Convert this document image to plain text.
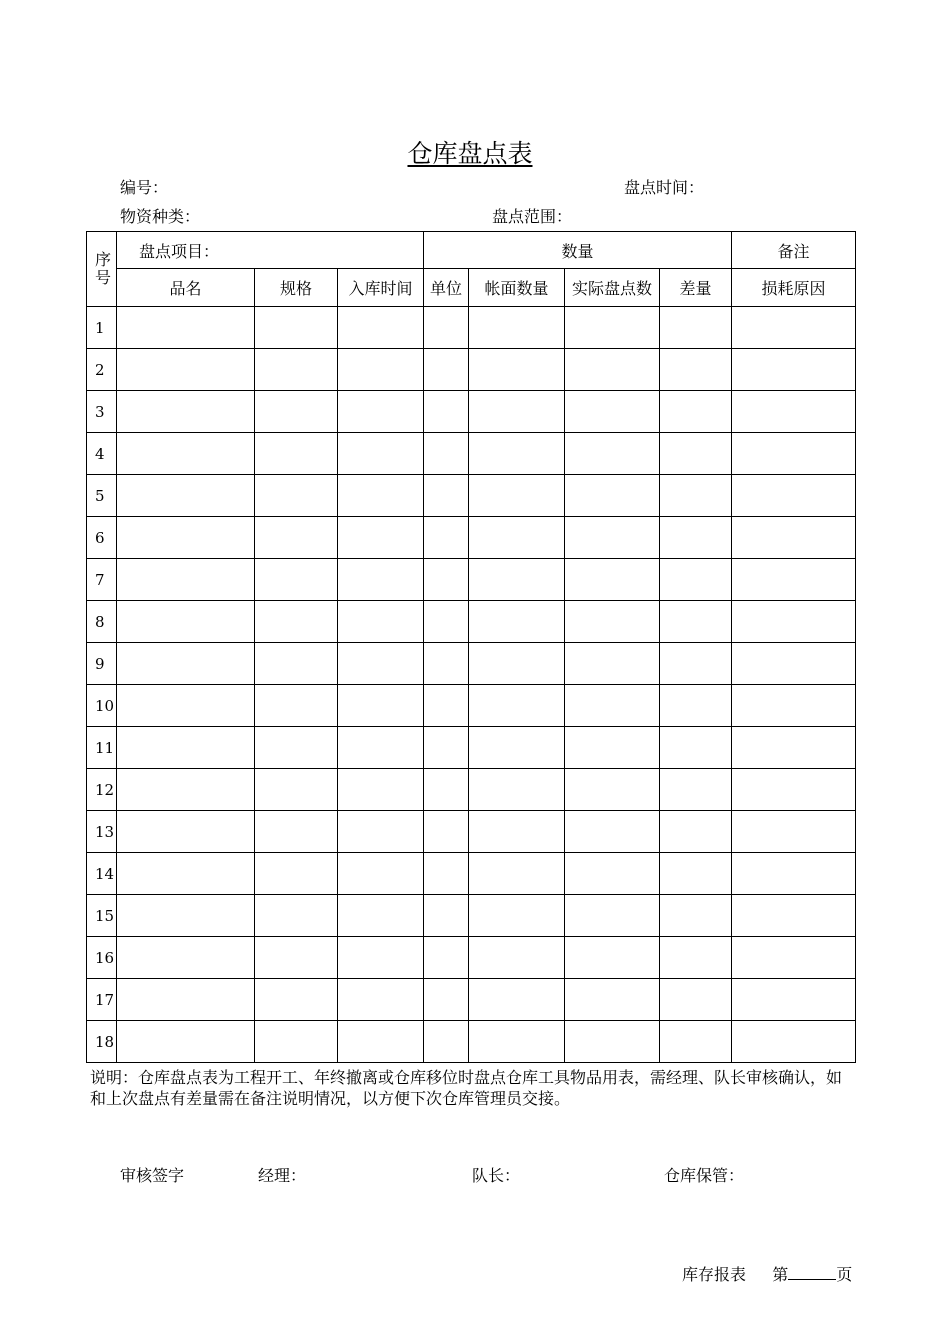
仓库盘点表
编号：	盘点时间：
物资种类：	盘点范围：
序号	盘点项目：			数量				备注
	品名	规格	入库时间	单位	帐面数量	实际盘点数	差量	损耗原因
1								
2								
3								
4								
5								
6								
7								
8								
9								
10								
11								
12								
13								
14								
15								
16								
17								
18								
说明：仓库盘点表为工程开工、年终撤离或仓库移位时盘点仓库工具物品用表，需经理、队长审核确认，如和上次盘点有差量需在备注说明情况，以方便下次仓库管理员交接。
审核签字	经理：	队长：	仓库保管：
库存报表 第	页
